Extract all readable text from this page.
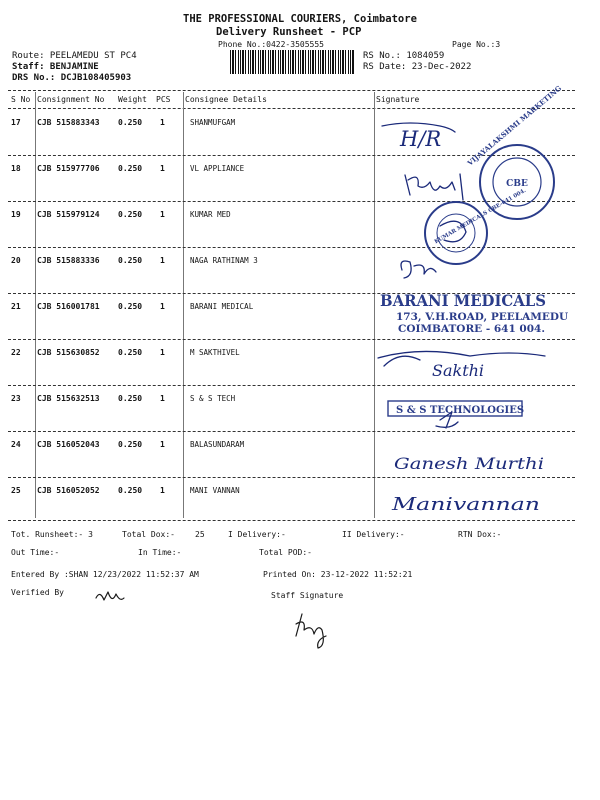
THE PROFESSIONAL COURIERS, Coimbatore
Delivery Runsheet - PCP
Phone No.:0422-3505555	Page No.:3
Route: PEELAMEDU ST PC4
Staff: BENJAMINE
DRS No.: DCJB108405903
RS No.: 1084059
RS Date: 23-Dec-2022
S No Consignment No Weight PCS Consignee Details	Signature
17 CJB 515883343 0.250 1	SHANMUFGAM
18 CJB 515977706 0.250 1	VL APPLIANCE
19 CJB 515979124 0.250 1	KUMAR MED
20 CJB 515883336 0.250 1	NAGA RATHINAM 3
21 CJB 516001781 0.250 1	BARANI MEDICAL
22 CJB 515630852 0.250 1	M SAKTHIVEL
23 CJB 515632513 0.250 1	S & S TECH
24 CJB 516052043 0.250 1	BALASUNDARAM
25 CJB 516052052 0.250 1	MANI VANNAN
H/R
CBE
VIJAYALAKSHMI MARKETING
KUMAR MEDICALS CBE-641 004.
BARANI MEDICALS
173, V.H.ROAD, PEELAMEDU
COIMBATORE - 641 004.
Sakthi
S & S TECHNOLOGIES
Ganesh Murthi
Manivannan
Tot. Runsheet:- 3	Total Dox:-	25	I Delivery:-	II Delivery:-	RTN Dox:-
Out Time:-	In Time:-	Total POD:-
Entered By :SHAN 12/23/2022 11:52:37 AM	Printed On: 23-12-2022 11:52:21
Verified By	Staff Signature
